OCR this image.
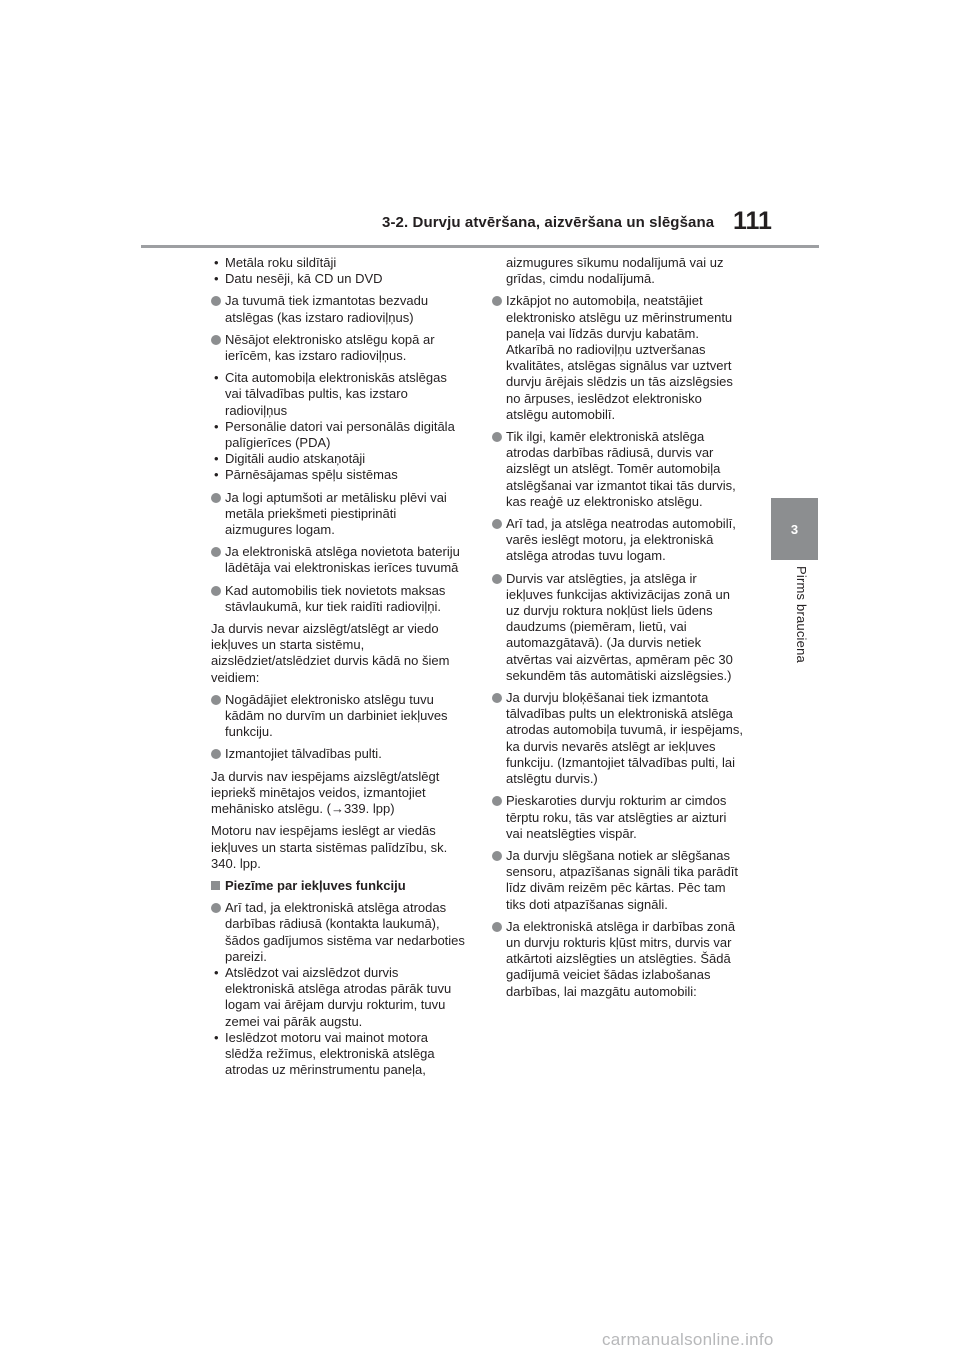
3-2. Durvju atvēršana, aizvēršana un slēgšana 111
3
Pirms brauciena

• Metāla roku sildītāji

• Datu nesēji, kā CD un DVD

Ja tuvumā tiek izmantotas bezvadu atslēgas (kas izstaro radioviļņus)
Nēsājot elektronisko atslēgu kopā ar ierīcēm, kas izstaro radioviļņus.

• Cita automobiļa elektroniskās atslēgas vai tālvadības pultis, kas izstaro radioviļņus

• Personālie datori vai personālās digitāla palīgierīces (PDA)

• Digitāli audio atskaņotāji

• Pārnēsājamas spēļu sistēmas

Ja logi aptumšoti ar metālisku plēvi vai metāla priekšmeti piestiprināti aizmugures logam.
Ja elektroniskā atslēga novietota bateriju lādētāja vai elektroniskas ierīces tuvumā
Kad automobilis tiek novietots maksas stāvlaukumā, kur tiek raidīti radioviļņi.

Ja durvis nevar aizslēgt/atslēgt ar viedo iekļuves un starta sistēmu, aizslēdziet/atslēdziet durvis kādā no šiem veidiem:

Nogādājiet elektronisko atslēgu tuvu kādām no durvīm un darbiniet iekļuves funkciju.
Izmantojiet tālvadības pulti.

Ja durvis nav iespējams aizslēgt/atslēgt iepriekš minētajos veidos, izmantojiet mehānisko atslēgu. (→339. lpp)

Motoru nav iespējams ieslēgt ar viedās iekļuves un starta sistēmas palīdzību, sk. 340. lpp.

Piezīme par iekļuves funkciju
Arī tad, ja elektroniskā atslēga atrodas darbības rādiusā (kontakta laukumā), šādos gadījumos sistēma var nedarboties pareizi.

• Atslēdzot vai aizslēdzot durvis elektroniskā atslēga atrodas pārāk tuvu logam vai ārējam durvju rokturim, tuvu zemei vai pārāk augstu.

• Ieslēdzot motoru vai mainot motora slēdža režīmus, elektroniskā atslēga atrodas uz mērinstrumentu paneļa,

aizmugures sīkumu nodalījumā vai uz grīdas, cimdu nodalījumā.

Izkāpjot no automobiļa, neatstājiet elektronisko atslēgu uz mērinstrumentu paneļa vai līdzās durvju kabatām. Atkarībā no radioviļņu uztveršanas kvalitātes, atslēgas signālus var uztvert durvju ārējais slēdzis un tās aizslēgsies no ārpuses, ieslēdzot elektronisko atslēgu automobilī.
Tik ilgi, kamēr elektroniskā atslēga atrodas darbības rādiusā, durvis var aizslēgt un atslēgt. Tomēr automobiļa atslēgšanai var izmantot tikai tās durvis, kas reaģē uz elektronisko atslēgu.
Arī tad, ja atslēga neatrodas automobilī, varēs ieslēgt motoru, ja elektroniskā atslēga atrodas tuvu logam.
Durvis var atslēgties, ja atslēga ir iekļuves funkcijas aktivizācijas zonā un uz durvju roktura nokļūst liels ūdens daudzums (piemēram, lietū, vai automazgātavā). (Ja durvis netiek atvērtas vai aizvērtas, apmēram pēc 30 sekundēm tās automātiski aizslēgsies.)
Ja durvju bloķēšanai tiek izmantota tālvadības pults un elektroniskā atslēga atrodas automobiļa tuvumā, ir iespējams, ka durvis nevarēs atslēgt ar iekļuves funkciju. (Izmantojiet tālvadības pulti, lai atslēgtu durvis.)
Pieskaroties durvju rokturim ar cimdos tērptu roku, tās var atslēgties ar aizturi vai neatslēgties vispār.
Ja durvju slēgšana notiek ar slēgšanas sensoru, atpazīšanas signāli tika parādīt līdz divām reizēm pēc kārtas. Pēc tam tiks doti atpazīšanas signāli.
Ja elektroniskā atslēga ir darbības zonā un durvju rokturis kļūst mitrs, durvis var atkārtoti aizslēgties un atslēgties. Šādā gadījumā veiciet šādas izlabošanas darbības, lai mazgātu automobili:
carmanualsonline.info
